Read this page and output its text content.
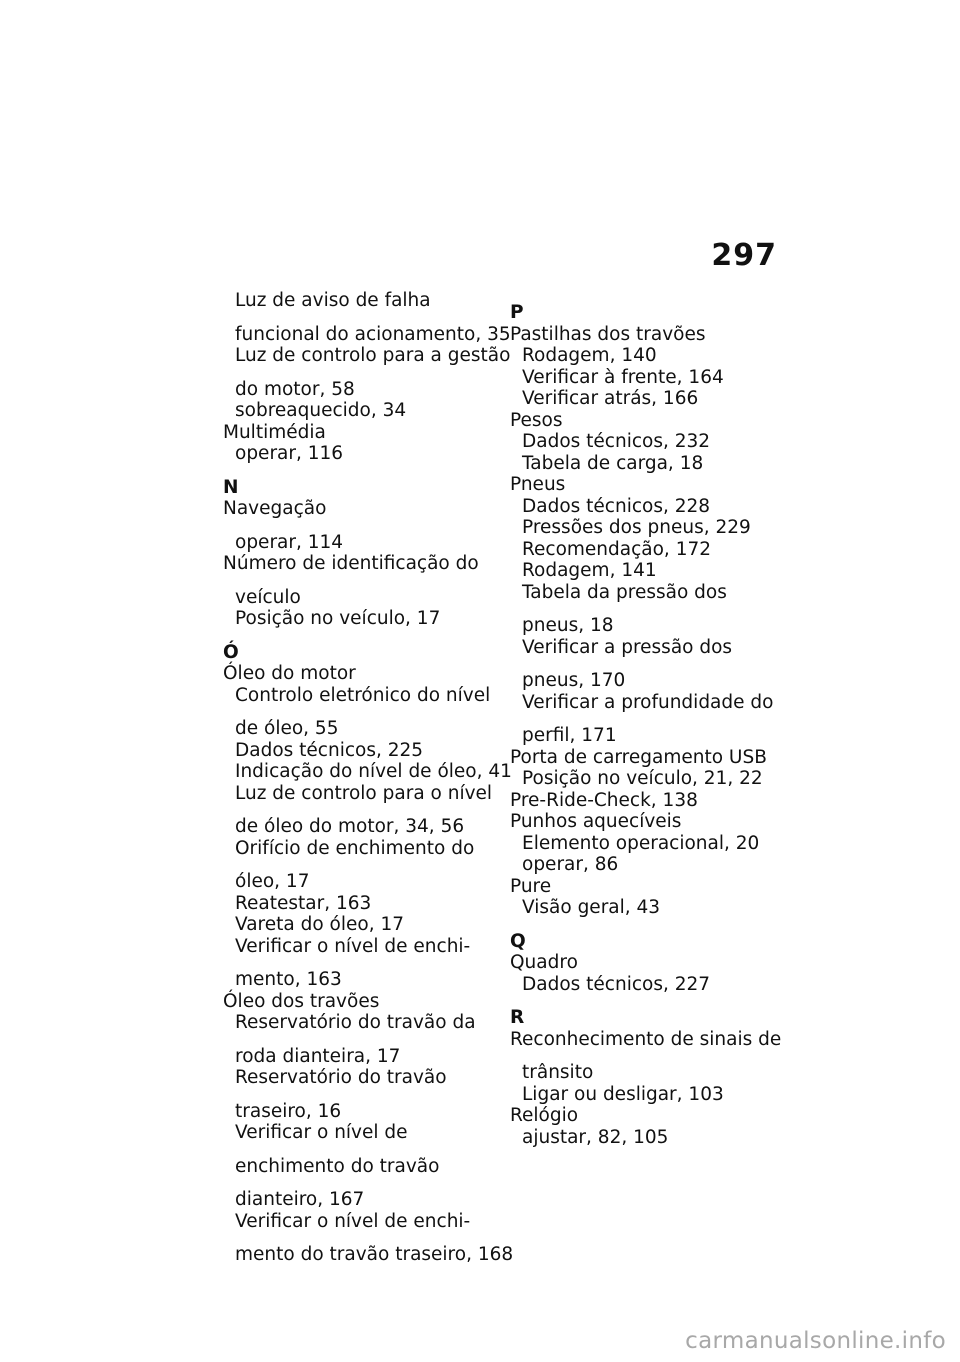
297
Luz de aviso de falha
funcional do acionamento, 35
Luz de controlo para a gestão
do motor, 58
sobreaquecido, 34
Multimédia
operar, 116
N
Navegação
operar, 114
Número de identificação do
veículo
Posição no veículo, 17
Ó
Óleo do motor
Controlo eletrónico do nível
de óleo, 55
Dados técnicos, 225
Indicação do nível de óleo, 41
Luz de controlo para o nível
de óleo do motor, 34, 56
Orifício de enchimento do
óleo, 17
Reatestar, 163
Vareta do óleo, 17
Verificar o nível de enchi-
mento, 163
Óleo dos travões
Reservatório do travão da
roda dianteira, 17
Reservatório do travão
traseiro, 16
Verificar o nível de
enchimento do travão
dianteiro, 167
Verificar o nível de enchi-
mento do travão traseiro, 168
P
Pastilhas dos travões
Rodagem, 140
Verificar à frente, 164
Verificar atrás, 166
Pesos
Dados técnicos, 232
Tabela de carga, 18
Pneus
Dados técnicos, 228
Pressões dos pneus, 229
Recomendação, 172
Rodagem, 141
Tabela da pressão dos
pneus, 18
Verificar a pressão dos
pneus, 170
Verificar a profundidade do
perfil, 171
Porta de carregamento USB
Posição no veículo, 21, 22
Pre-Ride-Check, 138
Punhos aquecíveis
Elemento operacional, 20
operar, 86
Pure
Visão geral, 43
Q
Quadro
Dados técnicos, 227
R
Reconhecimento de sinais de
trânsito
Ligar ou desligar, 103
Relógio
ajustar, 82, 105
carmanualsonline.info
